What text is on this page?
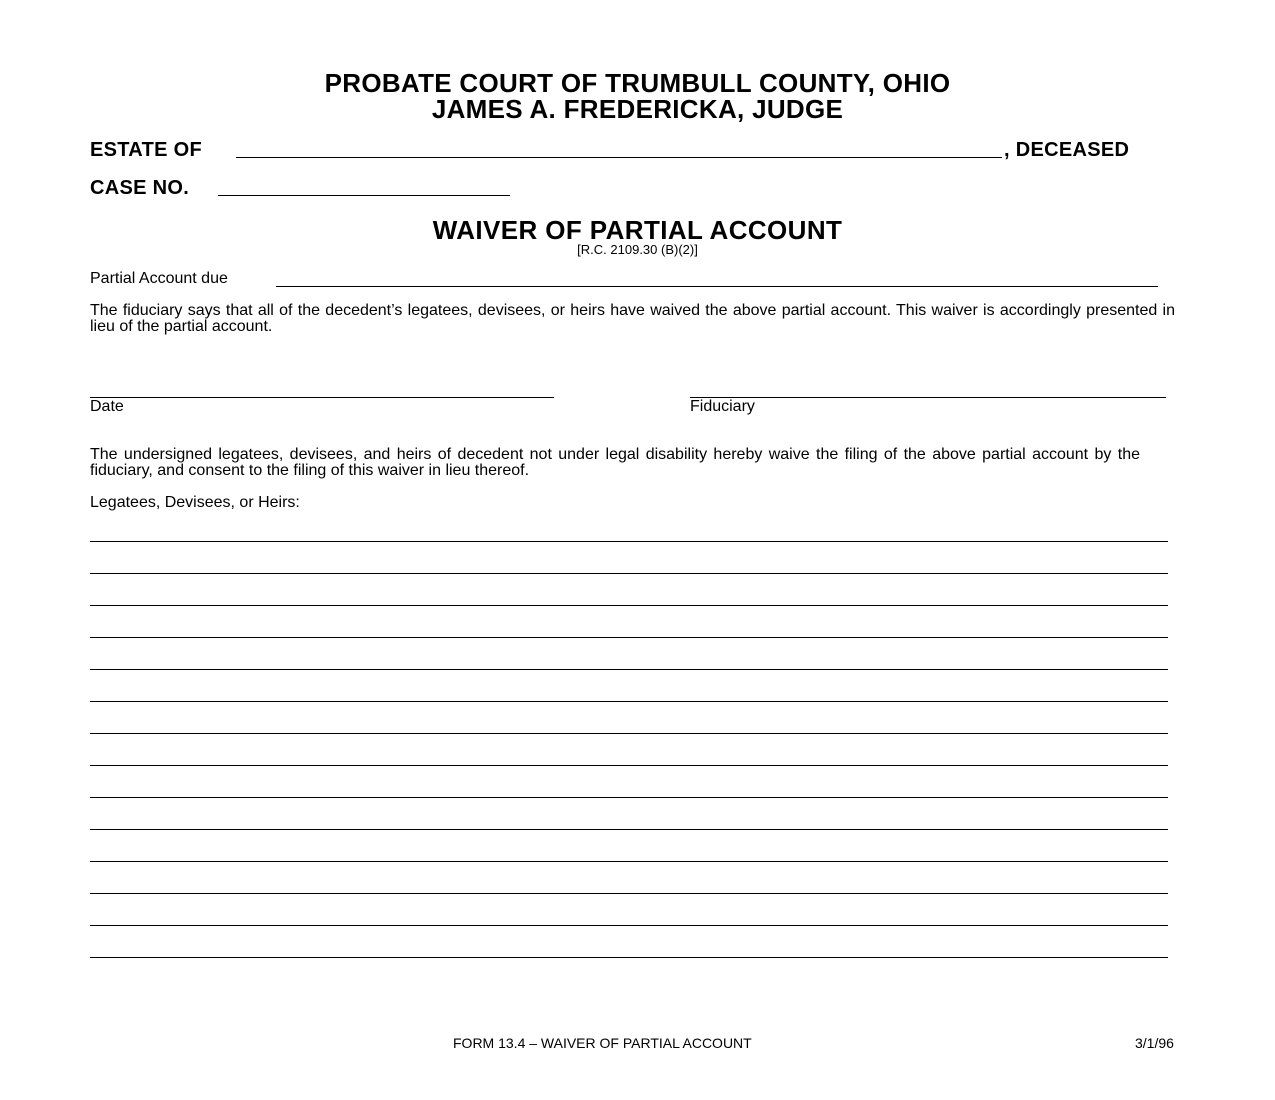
PROBATE COURT OF TRUMBULL COUNTY, OHIO
JAMES A. FREDERICKA, JUDGE
ESTATE OF	, DECEASED
CASE NO.
WAIVER OF PARTIAL ACCOUNT
[R.C. 2109.30 (B)(2)]
Partial Account due
The fiduciary says that all of the decedent’s legatees, devisees, or heirs have waived the above partial account. This waiver is accordingly presented in lieu of the partial account.
Date	Fiduciary
The undersigned legatees, devisees, and heirs of decedent not under legal disability hereby waive the filing of the above partial account by the fiduciary, and consent to the filing of this waiver in lieu thereof.
Legatees, Devisees, or Heirs:
FORM 13.4 – WAIVER OF PARTIAL ACCOUNT	3/1/96
